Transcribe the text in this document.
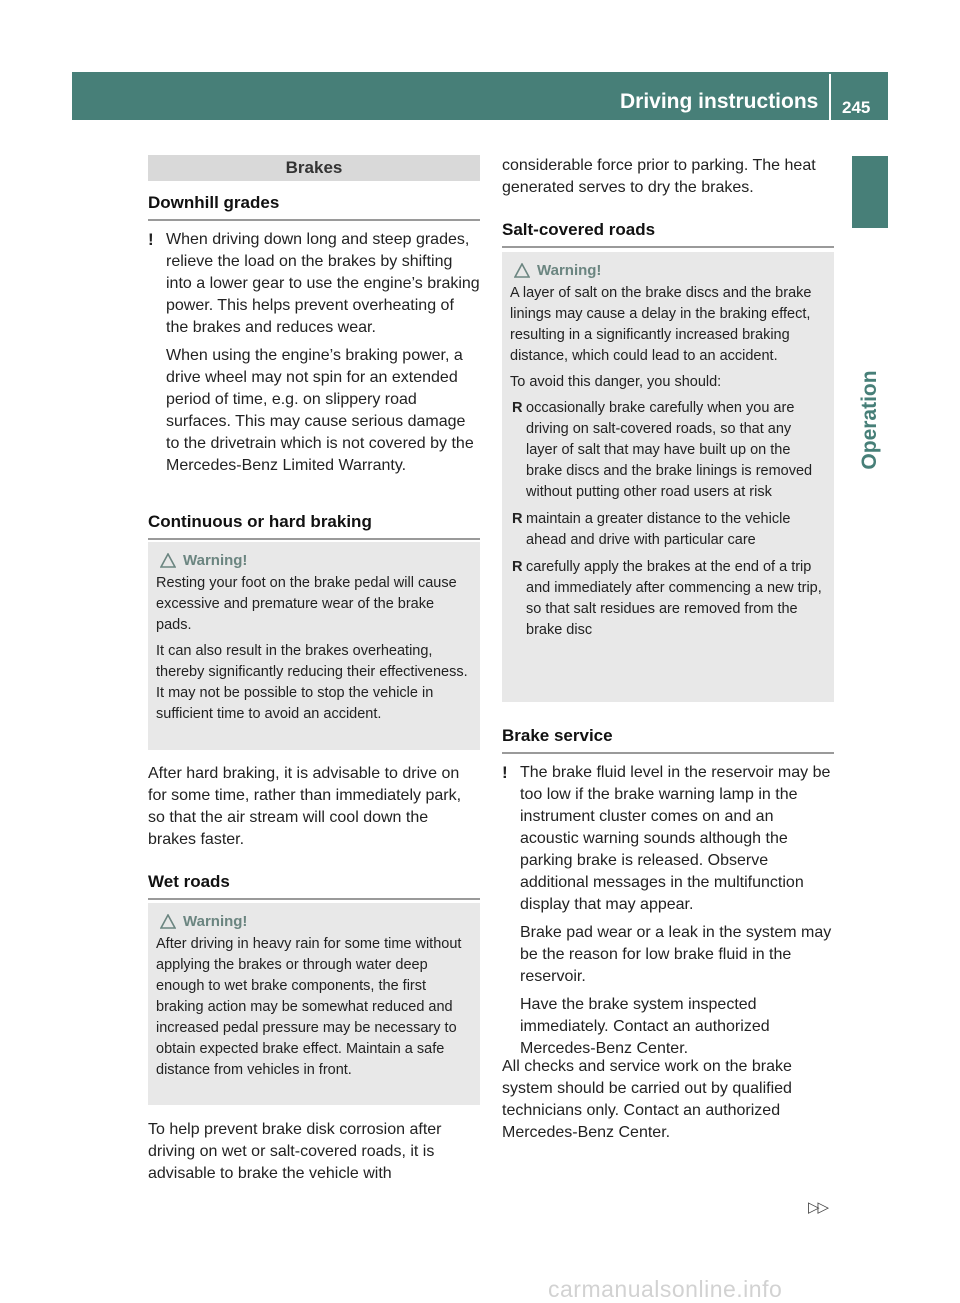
Driving instructions 245
Operation
Brakes
Downhill grades
! When driving down long and steep grades, relieve the load on the brakes by shifting into a lower gear to use the engine’s braking power. This helps prevent overheating of the brakes and reduces wear.

When using the engine’s braking power, a drive wheel may not spin for an extended period of time, e.g. on slippery road surfaces. This may cause serious damage to the drivetrain which is not covered by the Mercedes-Benz Limited Warranty.

Continuous or hard braking
Warning!

Resting your foot on the brake pedal will cause excessive and premature wear of the brake pads.

It can also result in the brakes overheating, thereby significantly reducing their effectiveness. It may not be possible to stop the vehicle in sufficient time to avoid an accident.

After hard braking, it is advisable to drive on for some time, rather than immediately park, so that the air stream will cool down the brakes faster.
Wet roads
Warning!

After driving in heavy rain for some time without applying the brakes or through water deep enough to wet brake components, the first braking action may be somewhat reduced and increased pedal pressure may be necessary to obtain expected brake effect. Maintain a safe distance from vehicles in front.

To help prevent brake disk corrosion after driving on wet or salt-covered roads, it is advisable to brake the vehicle with
considerable force prior to parking. The heat generated serves to dry the brakes.
Salt-covered roads
Warning!

A layer of salt on the brake discs and the brake linings may cause a delay in the braking effect, resulting in a significantly increased braking distance, which could lead to an accident.

To avoid this danger, you should:

R occasionally brake carefully when you are driving on salt-covered roads, so that any layer of salt that may have built up on the brake discs and the brake linings is removed without putting other road users at risk
R maintain a greater distance to the vehicle ahead and drive with particular care
R carefully apply the brakes at the end of a trip and immediately after commencing a new trip, so that salt residues are removed from the brake disc
Brake service
! The brake fluid level in the reservoir may be too low if the brake warning lamp in the instrument cluster comes on and an acoustic warning sounds although the parking brake is released. Observe additional messages in the multifunction display that may appear.

Brake pad wear or a leak in the system may be the reason for low brake fluid in the reservoir.

Have the brake system inspected immediately. Contact an authorized Mercedes-Benz Center.

All checks and service work on the brake system should be carried out by qualified technicians only. Contact an authorized Mercedes-Benz Center.
▷▷
carmanualsonline.info
